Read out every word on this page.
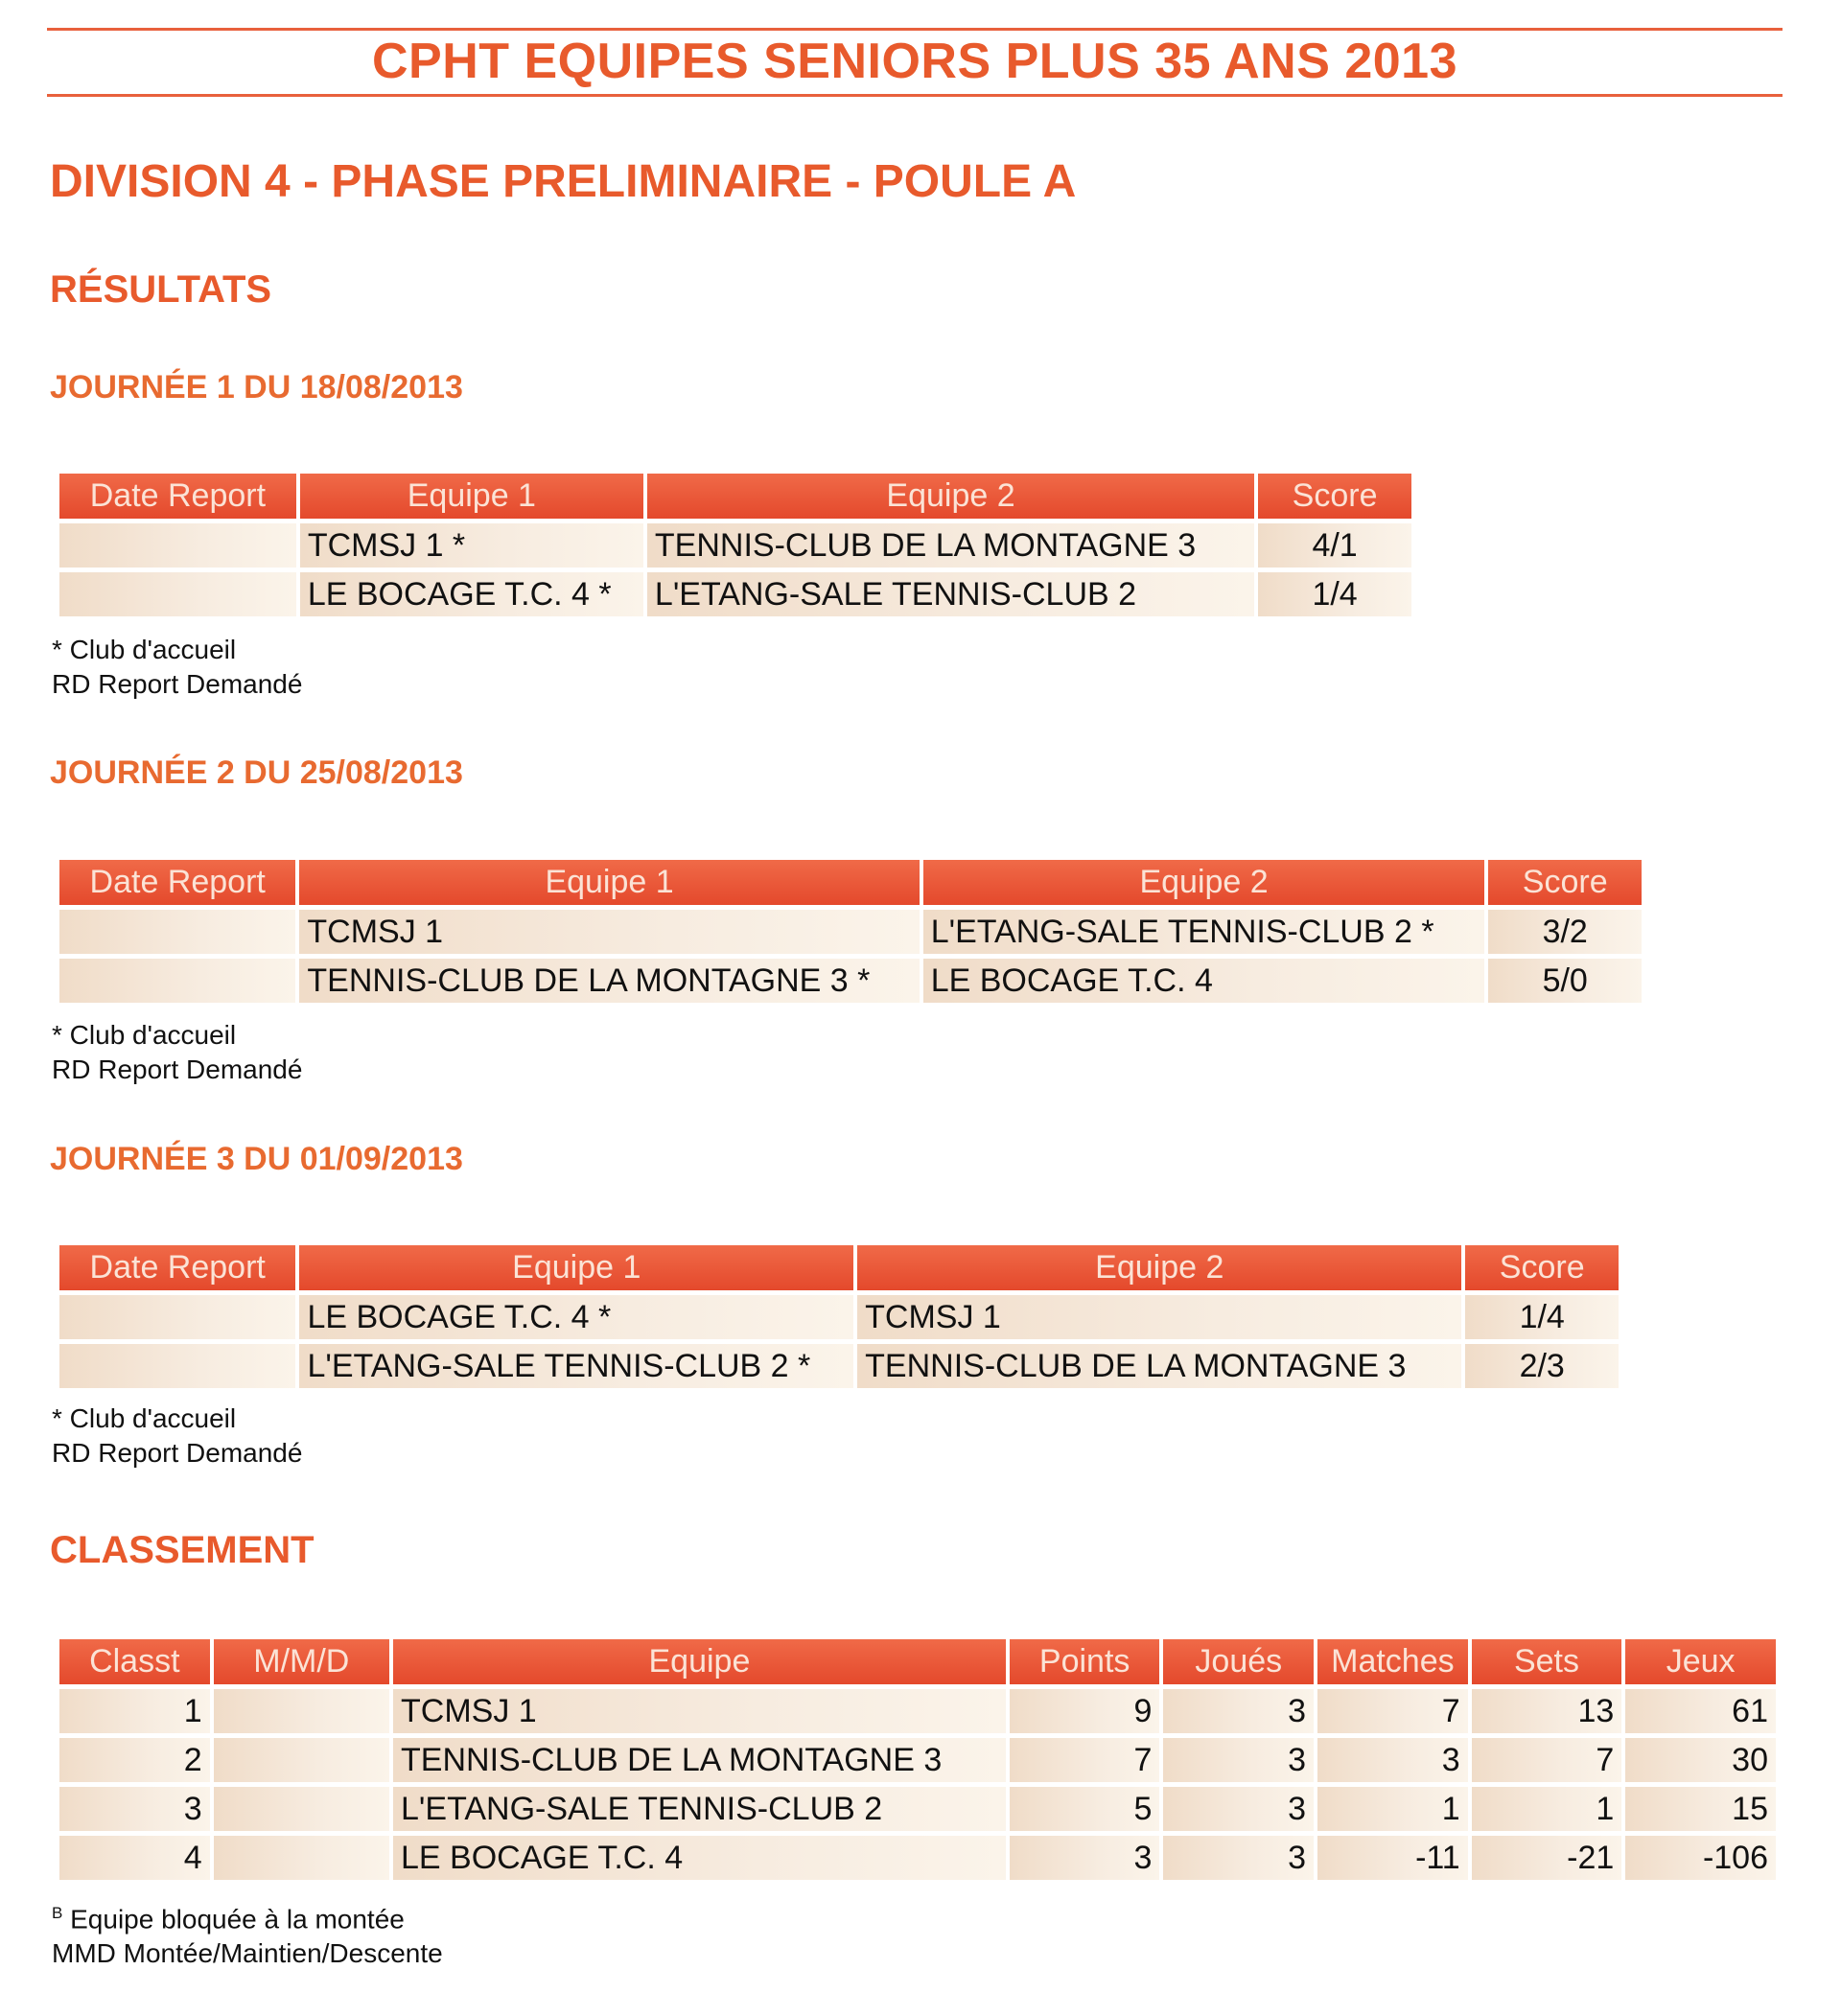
CPHT EQUIPES SENIORS PLUS 35 ANS 2013
DIVISION 4 - PHASE PRELIMINAIRE - POULE A
RÉSULTATS
JOURNÉE 1 DU 18/08/2013
Date Report	Equipe 1	Equipe 2	Score
	TCMSJ 1 *	TENNIS-CLUB DE LA MONTAGNE 3	4/1
	LE BOCAGE T.C. 4 *	L'ETANG-SALE TENNIS-CLUB 2	1/4
* Club d'accueil
RD Report Demandé
JOURNÉE 2 DU 25/08/2013
Date Report	Equipe 1	Equipe 2	Score
	TCMSJ 1	L'ETANG-SALE TENNIS-CLUB 2 *	3/2
	TENNIS-CLUB DE LA MONTAGNE 3 *	LE BOCAGE T.C. 4	5/0
* Club d'accueil
RD Report Demandé
JOURNÉE 3 DU 01/09/2013
Date Report	Equipe 1	Equipe 2	Score
	LE BOCAGE T.C. 4 *	TCMSJ 1	1/4
	L'ETANG-SALE TENNIS-CLUB 2 *	TENNIS-CLUB DE LA MONTAGNE 3	2/3
* Club d'accueil
RD Report Demandé
CLASSEMENT
Classt	M/M/D	Equipe	Points	Joués	Matches	Sets	Jeux
1		TCMSJ 1	9	3	7	13	61
2		TENNIS-CLUB DE LA MONTAGNE 3	7	3	3	7	30
3		L'ETANG-SALE TENNIS-CLUB 2	5	3	1	1	15
4		LE BOCAGE T.C. 4	3	3	-11	-21	-106
$^B$ Equipe bloquée à la montée
MMD Montée/Maintien/Descente
